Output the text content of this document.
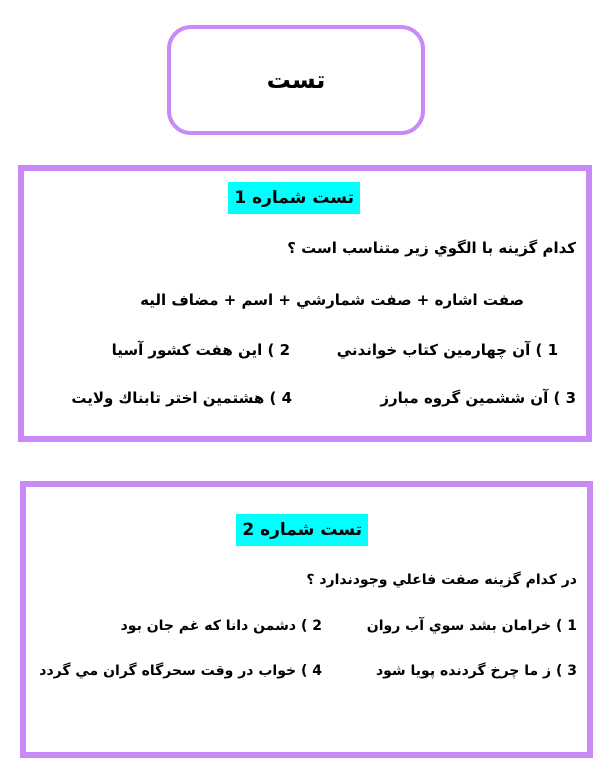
تست
تست شماره 1
كدام گزینه با الگوي زیر متناسب است ؟
صفت اشاره + صفت شمارشي + اسم + مضاف الیه
1 ) آن چهارمین کتاب خواندني
2 ) این هفت کشور آسیا
3 ) آن ششمین گروه مبارز
4 ) هشتمین اختر تابناك ولایت
تست شماره 2
در کدام گزینه صفت فاعلي وجودندارد ؟
1 ) خرامان بشد سوي آب روان
2 ) دشمن دانا که غم جان بود
3 ) ز ما چرخ گردنده پویا شود
4 ) خواب در وقت سحرگاه گران مي گردد
